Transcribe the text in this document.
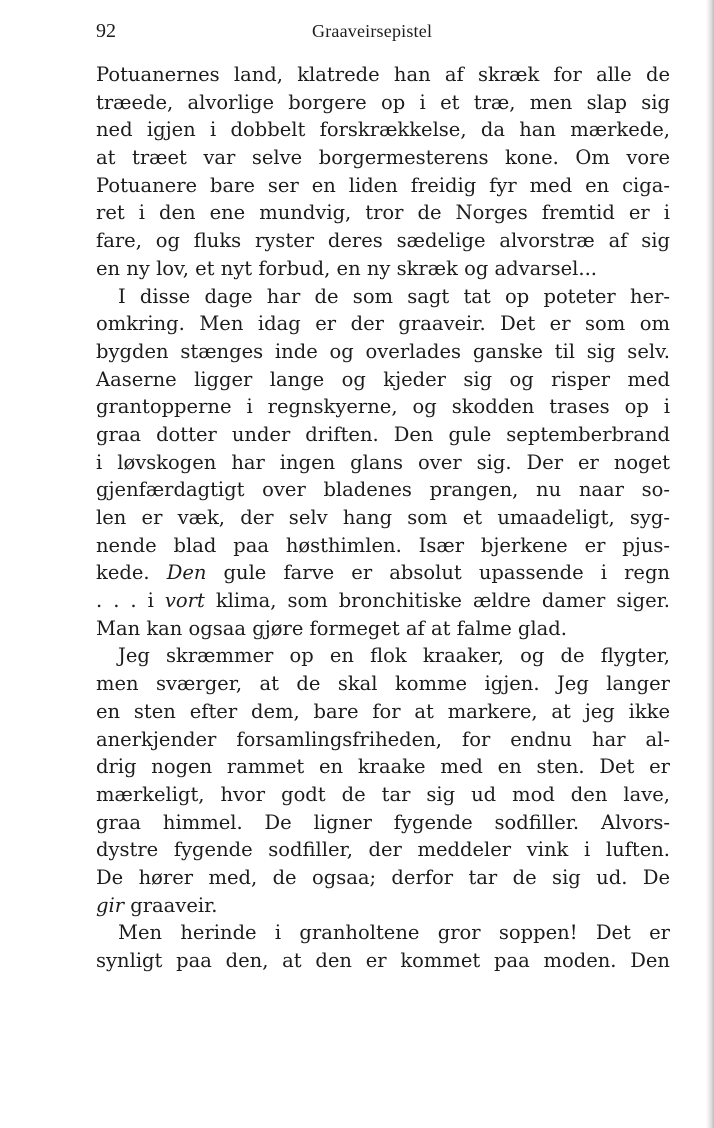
92	Graaveirsepistel
Potuanernes land, klatrede han af skræk for alle de
træede, alvorlige borgere op i et træ, men slap sig
ned igjen i dobbelt forskrækkelse, da han mærkede,
at træet var selve borgermesterens kone. Om vore
Potuanere bare ser en liden freidig fyr med en ciga-
ret i den ene mundvig, tror de Norges fremtid er i
fare, og fluks ryster deres sædelige alvorstræ af sig
en ny lov, et nyt forbud, en ny skræk og advarsel...
I disse dage har de som sagt tat op poteter her-
omkring. Men idag er der graaveir. Det er som om
bygden stænges inde og overlades ganske til sig selv.
Aaserne ligger lange og kjeder sig og risper med
grantopperne i regnskyerne, og skodden trases op i
graa dotter under driften. Den gule septemberbrand
i løvskogen har ingen glans over sig. Der er noget
gjenfærdagtigt over bladenes prangen, nu naar so-
len er væk, der selv hang som et umaadeligt, syg-
nende blad paa høsthimlen. Især bjerkene er pjus-
kede. Den gule farve er absolut upassende i regn
. . . i vort klima, som bronchitiske ældre damer siger.
Man kan ogsaa gjøre formeget af at falme glad.
Jeg skræmmer op en flok kraaker, og de flygter,
men sværger, at de skal komme igjen. Jeg langer
en sten efter dem, bare for at markere, at jeg ikke
anerkjender forsamlingsfriheden, for endnu har al-
drig nogen rammet en kraake med en sten. Det er
mærkeligt, hvor godt de tar sig ud mod den lave,
graa himmel. De ligner fygende sodfiller. Alvors-
dystre fygende sodfiller, der meddeler vink i luften.
De hører med, de ogsaa; derfor tar de sig ud. De
gir graaveir.
Men herinde i granholtene gror soppen! Det er
synligt paa den, at den er kommet paa moden. Den
